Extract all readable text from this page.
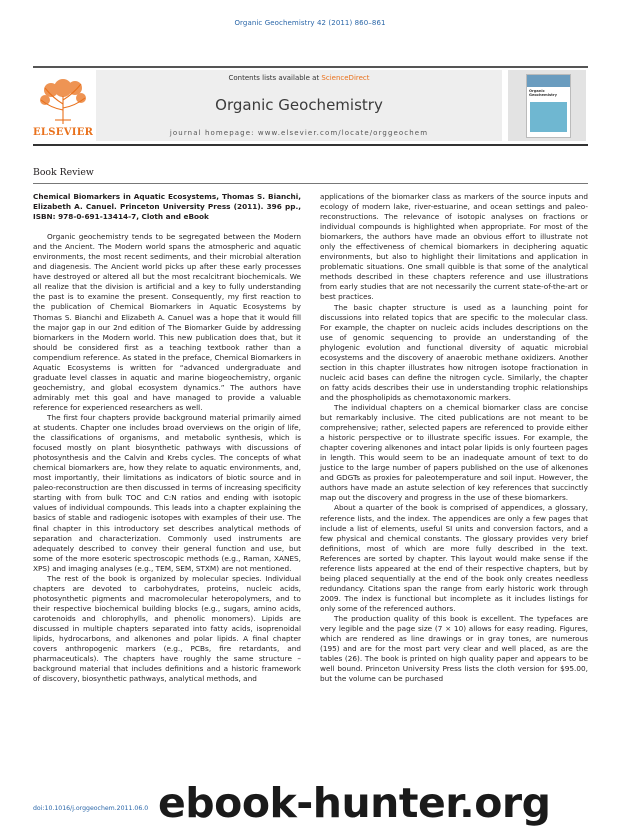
Organic Geochemistry 42 (2011) 860–861
ELSEVIER
Contents lists available at ScienceDirect
Organic Geochemistry
journal homepage: www.elsevier.com/locate/orggeochem
Organic Geochemistry
Book Review
Chemical Biomarkers in Aquatic Ecosystems, Thomas S. Bianchi, Elizabeth A. Canuel. Princeton University Press (2011). 396 pp., ISBN: 978-0-691-13414-7, Cloth and eBook

Organic geochemistry tends to be segregated between the Modern and the Ancient. The Modern world spans the atmospheric and aquatic environments, the most recent sediments, and their microbial alteration and diagenesis. The Ancient world picks up after these early processes have destroyed or altered all but the most recalcitrant biochemicals. We all realize that the division is artificial and a key to fully understanding the past is to examine the present. Consequently, my first reaction to the publication of Chemical Biomarkers in Aquatic Ecosystems by Thomas S. Bianchi and Elizabeth A. Canuel was a hope that it would fill the major gap in our 2nd edition of The Biomarker Guide by addressing biomarkers in the Modern world. This new publication does that, but it should be considered first as a teaching textbook rather than a compendium reference. As stated in the preface, Chemical Biomarkers in Aquatic Ecosystems is written for “advanced undergraduate and graduate level classes in aquatic and marine biogeochemistry, organic geochemistry, and global ecosystem dynamics.” The authors have admirably met this goal and have managed to provide a valuable reference for experienced researchers as well.

The first four chapters provide background material primarily aimed at students. Chapter one includes broad overviews on the origin of life, the classifications of organisms, and metabolic synthesis, which is focused mostly on plant biosynthetic pathways with discussions of photosynthesis and the Calvin and Krebs cycles. The concepts of what chemical biomarkers are, how they relate to aquatic environments, and, most importantly, their limitations as indicators of biotic source and in paleo-reconstruction are then discussed in terms of increasing specificity starting with from bulk TOC and C:N ratios and ending with isotopic values of individual compounds. This leads into a chapter explaining the basics of stable and radiogenic isotopes with examples of their use. The final chapter in this introductory set describes analytical methods of separation and characterization. Commonly used instruments are adequately described to convey their general function and use, but some of the more esoteric spectroscopic methods (e.g., Raman, XANES, XPS) and imaging analyses (e.g., TEM, SEM, STXM) are not mentioned.

The rest of the book is organized by molecular species. Individual chapters are devoted to carbohydrates, proteins, nucleic acids, photosynthetic pigments and macromolecular heteropolymers, and to their respective biochemical building blocks (e.g., sugars, amino acids, carotenoids and chlorophylls, and phenolic monomers). Lipids are discussed in multiple chapters separated into fatty acids, isoprenoidal lipids, hydrocarbons, and alkenones and polar lipids. A final chapter covers anthropogenic markers (e.g., PCBs, fire retardants, and pharmaceuticals). The chapters have roughly the same structure – background material that includes definitions and a historic framework of discovery, biosynthetic pathways, analytical methods, and

applications of the biomarker class as markers of the source inputs and ecology of modern lake, river-estuarine, and ocean settings and paleo-reconstructions. The relevance of isotopic analyses on fractions or individual compounds is highlighted when appropriate. For most of the biomarkers, the authors have made an obvious effort to illustrate not only the effectiveness of chemical biomarkers in deciphering aquatic environments, but also to highlight their limitations and application in problematic situations. One small quibble is that some of the analytical methods described in these chapters reference and use illustrations from early studies that are not necessarily the current state-of-the-art or best practices.

The basic chapter structure is used as a launching point for discussions into related topics that are specific to the molecular class. For example, the chapter on nucleic acids includes descriptions on the use of genomic sequencing to provide an understanding of the phylogenic evolution and functional diversity of aquatic microbial ecosystems and the discovery of anaerobic methane oxidizers. Another section in this chapter illustrates how nitrogen isotope fractionation in nucleic acid bases can define the nitrogen cycle. Similarly, the chapter on fatty acids describes their use in understanding trophic relationships and the phospholipids as chemotaxonomic markers.

The individual chapters on a chemical biomarker class are concise but remarkably inclusive. The cited publications are not meant to be comprehensive; rather, selected papers are referenced to provide either a historic perspective or to illustrate specific issues. For example, the chapter covering alkenones and intact polar lipids is only fourteen pages in length. This would seem to be an inadequate amount of text to do justice to the large number of papers published on the use of alkenones and GDGTs as proxies for paleotemperature and soil input. However, the authors have made an astute selection of key references that succinctly map out the discovery and progress in the use of these biomarkers.

About a quarter of the book is comprised of appendices, a glossary, reference lists, and the index. The appendices are only a few pages that include a list of elements, useful SI units and conversion factors, and a few physical and chemical constants. The glossary provides very brief definitions, most of which are more fully described in the text. References are sorted by chapter. This layout would make sense if the reference lists appeared at the end of their respective chapters, but by being placed sequentially at the end of the book only creates needless redundancy. Citations span the range from early historic work through 2009. The index is functional but incomplete as it includes listings for only some of the referenced authors.

The production quality of this book is excellent. The typefaces are very legible and the page size (7 × 10) allows for easy reading. Figures, which are rendered as line drawings or in gray tones, are numerous (195) and are for the most part very clear and well placed, as are the tables (26). The book is printed on high quality paper and appears to be well bound. Princeton University Press lists the cloth version for $95.00, but the volume can be purchased

doi:10.1016/j.orggeochem.2011.06.0 ebook-hunter.org
